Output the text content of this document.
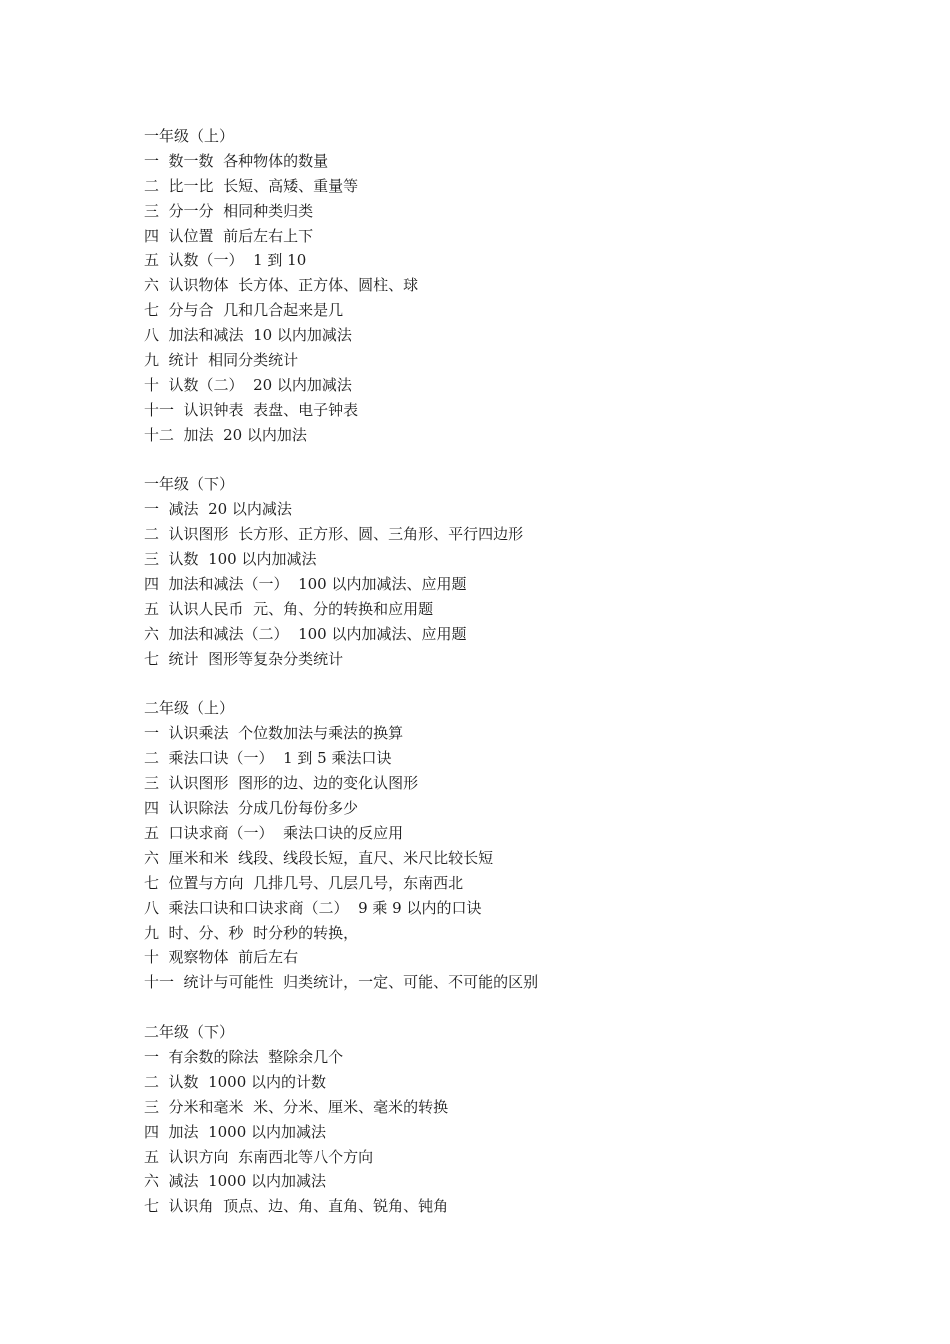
一年级（上）
一  数一数  各种物体的数量
二  比一比  长短、高矮、重量等
三  分一分  相同种类归类
四  认位置  前后左右上下
五  认数（一）  1 到 10
六  认识物体  长方体、正方体、圆柱、球
七  分与合  几和几合起来是几
八  加法和减法  10 以内加减法
九  统计  相同分类统计
十  认数（二）  20 以内加减法
十一  认识钟表  表盘、电子钟表
十二  加法  20 以内加法
一年级（下）
一  减法  20 以内减法
二  认识图形  长方形、正方形、圆、三角形、平行四边形
三  认数  100 以内加减法
四  加法和减法（一）  100 以内加减法、应用题
五  认识人民币  元、角、分的转换和应用题
六  加法和减法（二）  100 以内加减法、应用题
七  统计  图形等复杂分类统计
二年级（上）
一  认识乘法  个位数加法与乘法的换算
二  乘法口诀（一）  1 到 5 乘法口诀
三  认识图形  图形的边、边的变化认图形
四  认识除法  分成几份每份多少
五  口诀求商（一）  乘法口诀的反应用
六  厘米和米  线段、线段长短，直尺、米尺比较长短
七  位置与方向  几排几号、几层几号，东南西北
八  乘法口诀和口诀求商（二）  9 乘 9 以内的口诀
九  时、分、秒  时分秒的转换，
十  观察物体  前后左右
十一  统计与可能性  归类统计，一定、可能、不可能的区别
二年级（下）
一  有余数的除法  整除余几个
二  认数  1000 以内的计数
三  分米和毫米  米、分米、厘米、毫米的转换
四  加法  1000 以内加减法
五  认识方向  东南西北等八个方向
六  减法  1000 以内加减法
七  认识角  顶点、边、角、直角、锐角、钝角
